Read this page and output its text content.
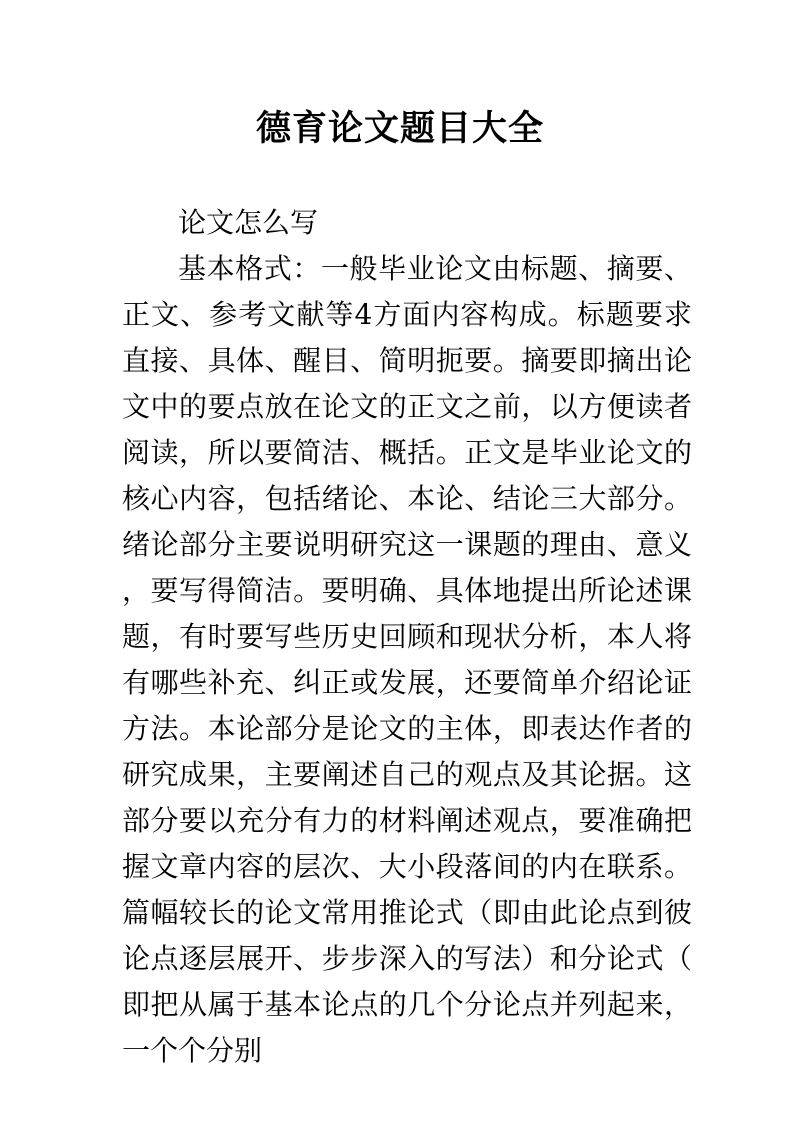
德育论文题目大全

论文怎么写

基本格式：一般毕业论文由标题、摘要、正文、参考文献等4方面内容构成。标题要求直接、具体、醒目、简明扼要。摘要即摘出论文中的要点放在论文的正文之前，以方便读者阅读，所以要简洁、概括。正文是毕业论文的核心内容，包括绪论、本论、结论三大部分。绪论部分主要说明研究这一课题的理由、意义，要写得简洁。要明确、具体地提出所论述课题，有时要写些历史回顾和现状分析，本人将有哪些补充、纠正或发展，还要简单介绍论证方法。本论部分是论文的主体，即表达作者的研究成果，主要阐述自己的观点及其论据。这部分要以充分有力的材料阐述观点，要准确把握文章内容的层次、大小段落间的内在联系。篇幅较长的论文常用推论式（即由此论点到彼论点逐层展开、步步深入的写法）和分论式（即把从属于基本论点的几个分论点并列起来，一个个分别
